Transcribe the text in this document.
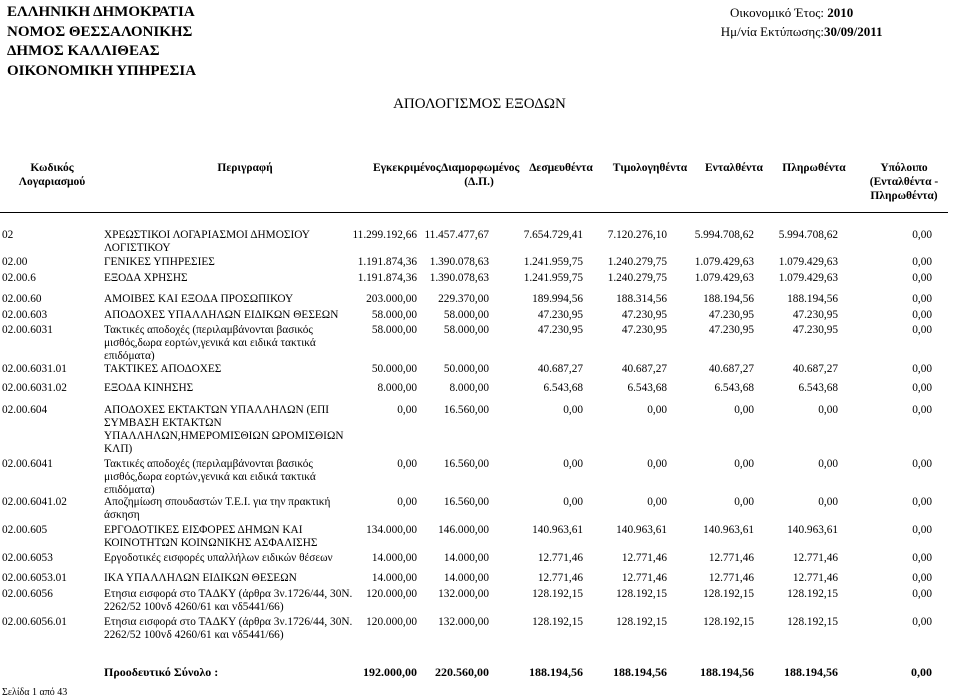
ΕΛΛΗΝΙΚΗ ΔΗΜΟΚΡΑΤΙΑ
ΝΟΜΟΣ ΘΕΣΣΑΛΟΝΙΚΗΣ
ΔΗΜΟΣ ΚΑΛΛΙΘΕΑΣ
ΟΙΚΟΝΟΜΙΚΗ ΥΠΗΡΕΣΙΑ
Οικονομικό Έτος: 2010
Ημ/νία Εκτύπωσης:30/09/2011
ΑΠΟΛΟΓΙΣΜΟΣ ΕΞΟΔΩΝ
Κωδικός Λογαριασμού
Περιγραφή	Εγκεκριμένος Διαμορφωμένος (Δ.Π.)
Δεσμευθέντα	Τιμολογηθέντα	Ενταλθέντα	Πληρωθέντα	Υπόλοιπο (Ενταλθέντα - Πληρωθέντα)
02	ΧΡΕΩΣΤΙΚΟΙ ΛΟΓΑΡΙΑΣΜΟΙ ΔΗΜΟΣΙΟΥ ΛΟΓΙΣΤΙΚΟΥ
11.299.192,66 11.457.477,67	7.654.729,41 7.120.276,10 5.994.708,62 5.994.708,62	0,00
02.00	ΓΕΝΙΚΕΣ ΥΠΗΡΕΣΙΕΣ	1.191.874,36 1.390.078,63	1.241.959,75 1.240.279,75 1.079.429,63 1.079.429,63	0,00
02.00.6	ΕΞΟΔΑ ΧΡΗΣΗΣ	1.191.874,36 1.390.078,63	1.241.959,75 1.240.279,75 1.079.429,63 1.079.429,63	0,00
02.00.60	ΑΜΟΙΒΕΣ ΚΑΙ ΕΞΟΔΑ ΠΡΟΣΩΠΙΚΟΥ	203.000,00 229.370,00	189.994,56	188.314,56	188.194,56	188.194,56	0,00
02.00.603	ΑΠΟΔΟΧΕΣ ΥΠΑΛΛΗΛΩΝ ΕΙΔΙΚΩΝ ΘΕΣΕΩΝ	58.000,00 58.000,00	47.230,95	47.230,95	47.230,95	47.230,95	0,00
02.00.6031	Τακτικές αποδοχές (περιλαμβάνονται βασικός μισθός,δωρα εορτών,γενικά και ειδικά τακτικά επιδόματα)
58.000,00 58.000,00	47.230,95	47.230,95	47.230,95	47.230,95	0,00
02.00.6031.01	ΤΑΚΤΙΚΕΣ ΑΠΟΔΟΧΕΣ	50.000,00 50.000,00	40.687,27	40.687,27	40.687,27	40.687,27	0,00
02.00.6031.02	ΕΞΟΔΑ ΚΙΝΗΣΗΣ	8.000,00	8.000,00	6.543,68	6.543,68	6.543,68	6.543,68	0,00
02.00.604	ΑΠΟΔΟΧΕΣ ΕΚΤΑΚΤΩΝ ΥΠΑΛΛΗΛΩΝ (ΕΠΙ ΣΥΜΒΑΣΗ ΕΚΤΑΚΤΩΝ ΥΠΑΛΛΗΛΩΝ,ΗΜΕΡΟΜΙΣΘΙΩΝ ΩΡΟΜΙΣΘΙΩΝ ΚΛΠ)
0,00 16.560,00	0,00	0,00	0,00	0,00	0,00
02.00.6041	Τακτικές αποδοχές (περιλαμβάνονται βασικός μισθός,δωρα εορτών,γενικά και ειδικά τακτικά επιδόματα)
0,00 16.560,00	0,00	0,00	0,00	0,00	0,00
02.00.6041.02	Αποζημίωση σπουδαστών Τ.Ε.Ι. για την πρακτική άσκηση
0,00 16.560,00	0,00	0,00	0,00	0,00	0,00
02.00.605	ΕΡΓΟΔΟΤΙΚΕΣ ΕΙΣΦΟΡΕΣ ΔΗΜΩΝ ΚΑΙ ΚΟΙΝΟΤΗΤΩΝ ΚΟΙΝΩΝΙΚΗΣ ΑΣΦΑΛΙΣΗΣ
134.000,00 146.000,00	140.963,61	140.963,61	140.963,61	140.963,61	0,00
02.00.6053	Εργοδοτικές εισφορές υπαλλήλων ειδικών θέσεων	14.000,00 14.000,00	12.771,46	12.771,46	12.771,46	12.771,46	0,00
02.00.6053.01	ΙΚΑ ΥΠΑΛΛΗΛΩΝ ΕΙΔΙΚΩΝ ΘΕΣΕΩΝ	14.000,00 14.000,00	12.771,46	12.771,46	12.771,46	12.771,46	0,00
02.00.6056	Ετησια εισφορά στο ΤΑΔΚΥ (άρθρα 3ν.1726/44, 30Ν. 2262/52 100vδ 4260/61 και vδ5441/66)
120.000,00 132.000,00	128.192,15	128.192,15	128.192,15	128.192,15	0,00
02.00.6056.01	Ετησια εισφορά στο ΤΑΔΚΥ (άρθρα 3ν.1726/44, 30Ν. 2262/52 100vδ 4260/61 και vδ5441/66)
120.000,00 132.000,00	128.192,15	128.192,15	128.192,15	128.192,15	0,00
Προοδευτικό Σύνολο :	192.000,00 220.560,00	188.194,56	188.194,56	188.194,56	188.194,56	0,00
Σελίδα 1 από 43
